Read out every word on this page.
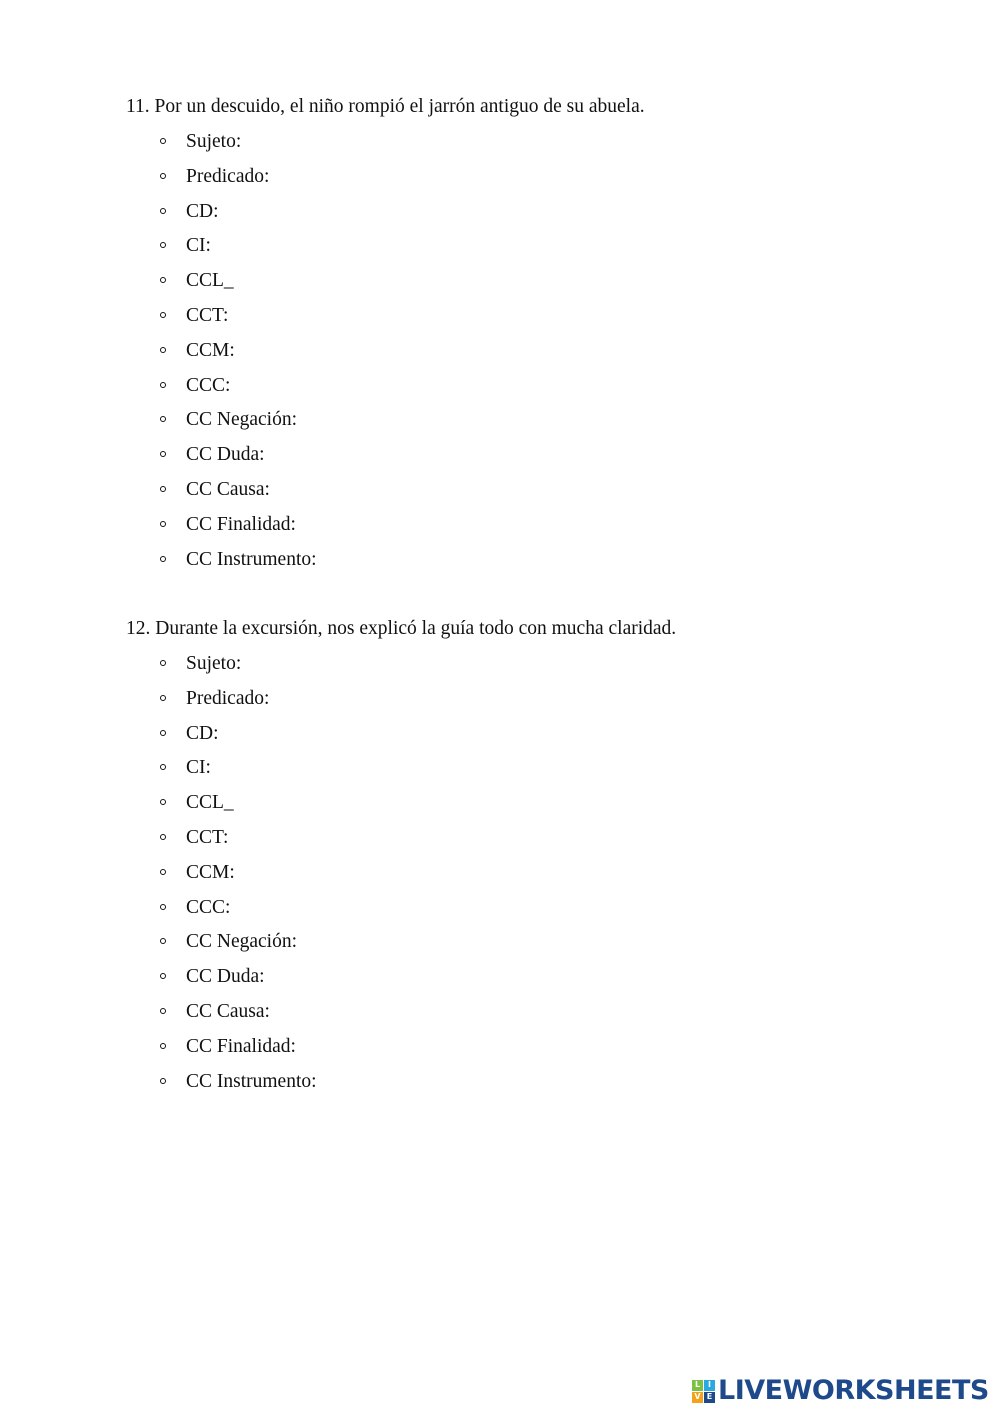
11. Por un descuido, el niño rompió el jarrón antiguo de su abuela.

Sujeto:
Predicado:
CD:
CI:
CCL_
CCT:
CCM:
CCC:
CC Negación:
CC Duda:
CC Causa:
CC Finalidad:
CC Instrumento:

12. Durante la excursión, nos explicó la guía todo con mucha claridad.

Sujeto:
Predicado:
CD:
CI:
CCL_
CCT:
CCM:
CCC:
CC Negación:
CC Duda:
CC Causa:
CC Finalidad:
CC Instrumento:
L I
V E LIVEWORKSHEETS
